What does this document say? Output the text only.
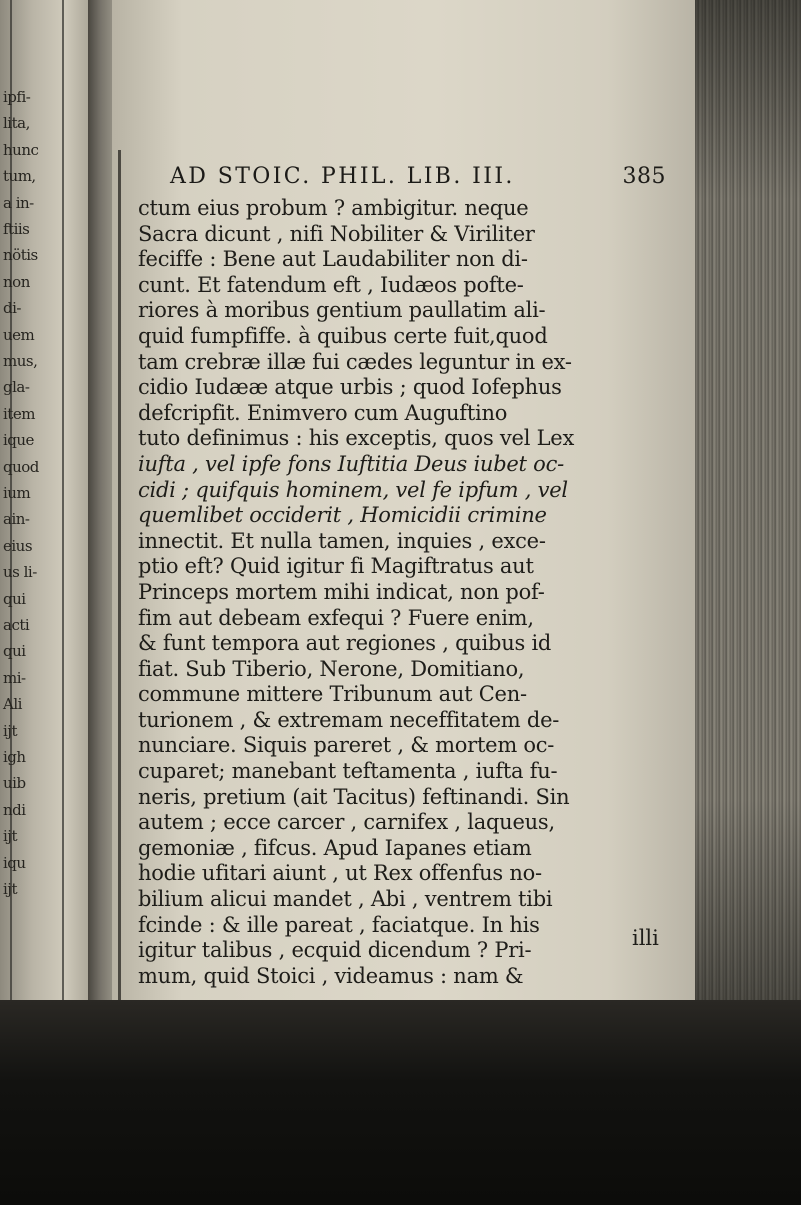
ipfi-
lita,
hunc
tum,
a in-
ftiis
nötis
non
di-
uem
mus,
gla-
item
ique
quod
ium
ain-
eius
us li-
qui
acti
qui
mi-
Ali
ijt
igh
uib
ndi
ijt
iqu
ijt
AD STOIC. PHIL. LIB. III.	385
ctum eius probum ? ambigitur. neque
Sacra dicunt , nifi Nobiliter & Viriliter
feciffe : Bene aut Laudabiliter non di-
cunt. Et fatendum eft , Iudæos pofte-
riores à moribus gentium paullatim ali-
quid fumpfiffe. à quibus certe fuit,quod
tam crebræ illæ fui cædes leguntur in ex-
cidio Iudææ atque urbis ; quod Iofephus
defcripfit. Enimvero cum Auguftino
tuto definimus : his exceptis, quos vel Lex
iufta , vel ipfe fons Iuftitia Deus iubet oc-
cidi ; quifquis hominem, vel fe ipfum , vel
quemlibet occiderit , Homicidii crimine
innectit. Et nulla tamen, inquies , exce-
ptio eft? Quid igitur fi Magiftratus aut
Princeps mortem mihi indicat, non pof-
fim aut debeam exfequi ? Fuere enim,
& funt tempora aut regiones , quibus id
fiat. Sub Tiberio, Nerone, Domitiano,
commune mittere Tribunum aut Cen-
turionem , & extremam neceffitatem de-
nunciare. Siquis pareret , & mortem oc-
cuparet; manebant teftamenta , iufta fu-
neris, pretium (ait Tacitus) feftinandi. Sin
autem ; ecce carcer , carnifex , laqueus,
gemoniæ , fifcus. Apud Iapanes etiam
hodie ufitari aiunt , ut Rex offenfus no-
bilium alicui mandet , Abi , ventrem tibi
fcinde : & ille pareat , faciatque. In his
igitur talibus , ecquid dicendum ? Pri-
mum, quid Stoici , videamus : nam &
illi
